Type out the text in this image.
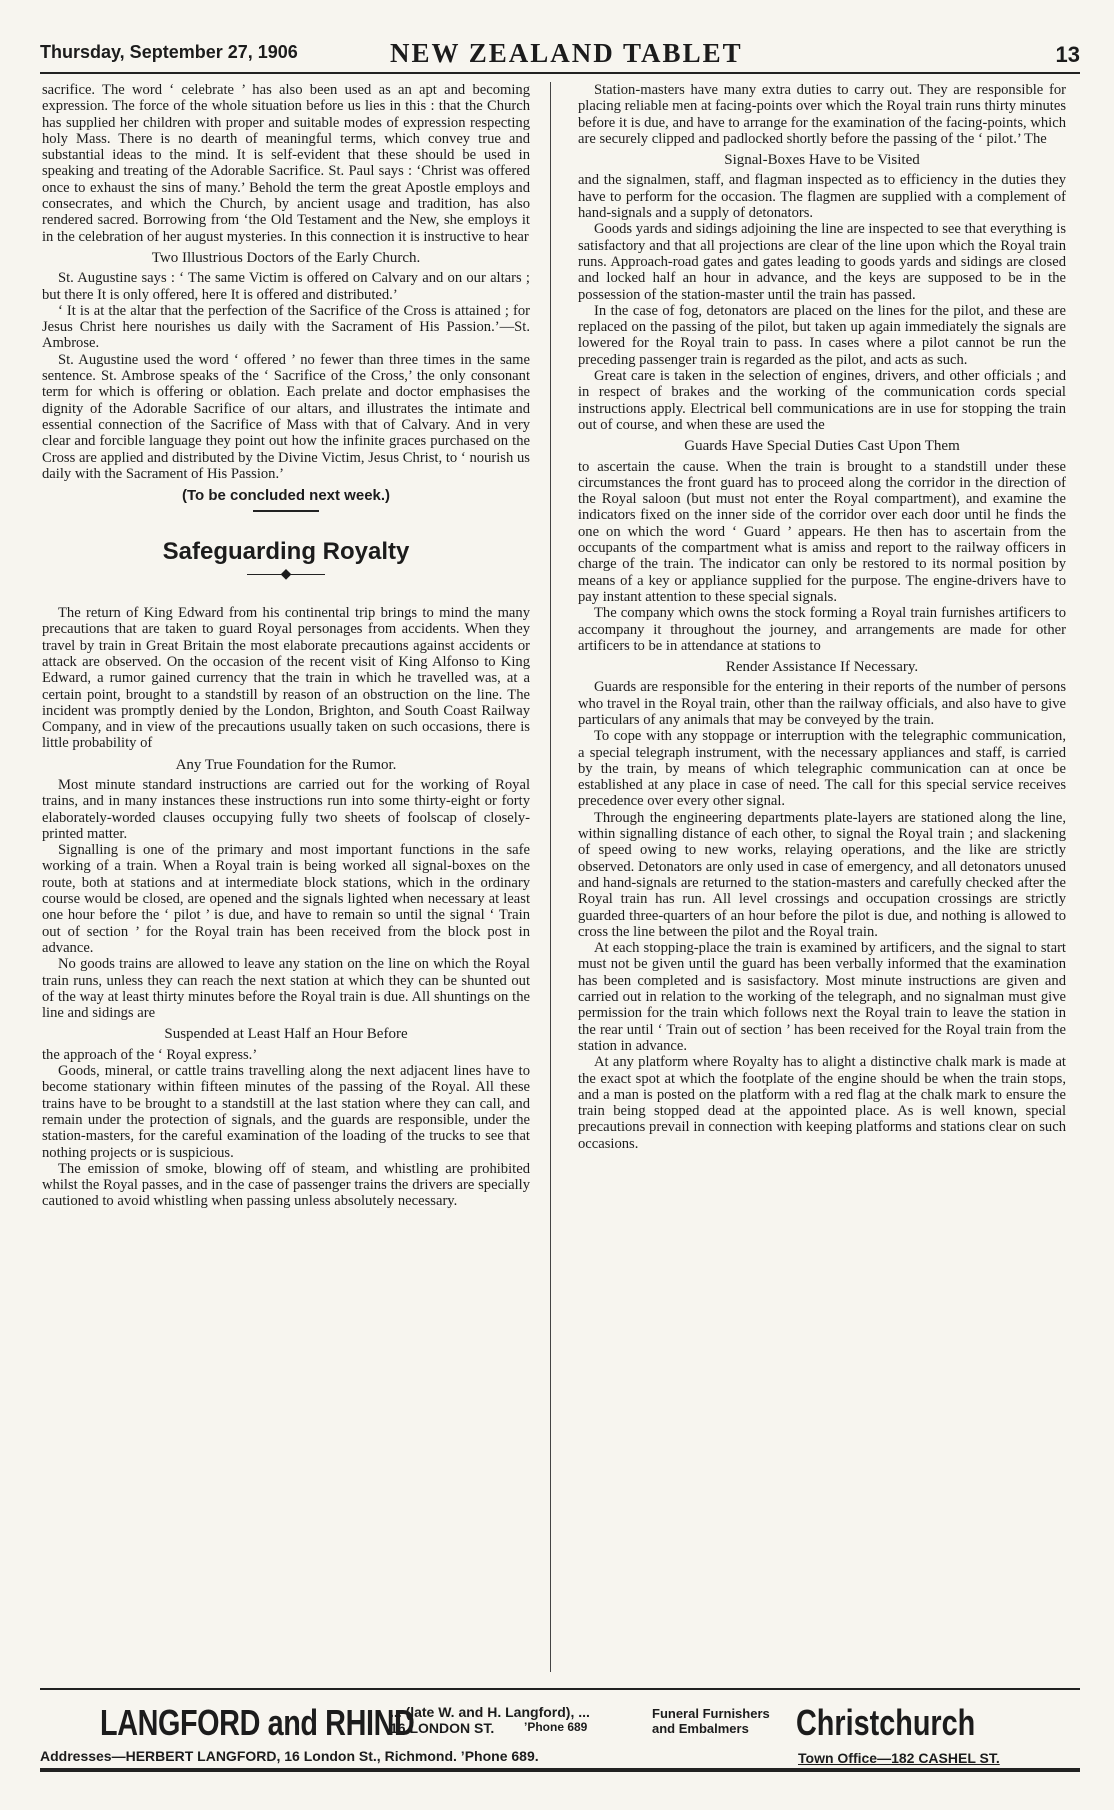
Thursday, September 27, 1906	NEW ZEALAND TABLET	13

sacrifice. The word ‘ celebrate ’ has also been used as an apt and becoming expression. The force of the whole situation before us lies in this : that the Church has supplied her children with proper and suitable modes of expression respecting holy Mass. There is no dearth of meaningful terms, which convey true and substantial ideas to the mind. It is self-evident that these should be used in speaking and treating of the Adorable Sacrifice. St. Paul says : ‘Christ was offered once to exhaust the sins of many.’ Behold the term the great Apostle employs and consecrates, and which the Church, by ancient usage and tradition, has also rendered sacred. Borrowing from ‘the Old Testament and the New, she employs it in the celebration of her august mysteries. In this connection it is instructive to hear

Two Illustrious Doctors of the Early Church.

St. Augustine says : ‘ The same Victim is offered on Calvary and on our altars ; but there It is only offered, here It is offered and distributed.’

‘ It is at the altar that the perfection of the Sacrifice of the Cross is attained ; for Jesus Christ here nourishes us daily with the Sacrament of His Passion.’—St. Ambrose.

St. Augustine used the word ‘ offered ’ no fewer than three times in the same sentence. St. Ambrose speaks of the ‘ Sacrifice of the Cross,’ the only consonant term for which is offering or oblation. Each prelate and doctor emphasises the dignity of the Adorable Sacrifice of our altars, and illustrates the intimate and essential connection of the Sacrifice of Mass with that of Calvary. And in very clear and forcible language they point out how the infinite graces purchased on the Cross are applied and distributed by the Divine Victim, Jesus Christ, to ‘ nourish us daily with the Sacrament of His Passion.’

(To be concluded next week.)
Safeguarding Royalty
◆

The return of King Edward from his continental trip brings to mind the many precautions that are taken to guard Royal personages from accidents. When they travel by train in Great Britain the most elaborate precautions against accidents or attack are observed. On the occasion of the recent visit of King Alfonso to King Edward, a rumor gained currency that the train in which he travelled was, at a certain point, brought to a standstill by reason of an obstruction on the line. The incident was promptly denied by the London, Brighton, and South Coast Railway Company, and in view of the precautions usually taken on such occasions, there is little probability of

Any True Foundation for the Rumor.

Most minute standard instructions are carried out for the working of Royal trains, and in many instances these instructions run into some thirty-eight or forty elaborately-worded clauses occupying fully two sheets of foolscap of closely-printed matter.

Signalling is one of the primary and most important functions in the safe working of a train. When a Royal train is being worked all signal-boxes on the route, both at stations and at intermediate block stations, which in the ordinary course would be closed, are opened and the signals lighted when necessary at least one hour before the ‘ pilot ’ is due, and have to remain so until the signal ‘ Train out of section ’ for the Royal train has been received from the block post in advance.

No goods trains are allowed to leave any station on the line on which the Royal train runs, unless they can reach the next station at which they can be shunted out of the way at least thirty minutes before the Royal train is due. All shuntings on the line and sidings are

Suspended at Least Half an Hour Before

the approach of the ‘ Royal express.’

Goods, mineral, or cattle trains travelling along the next adjacent lines have to become stationary within fifteen minutes of the passing of the Royal. All these trains have to be brought to a standstill at the last station where they can call, and remain under the protection of signals, and the guards are responsible, under the station-masters, for the careful examination of the loading of the trucks to see that nothing projects or is suspicious.

The emission of smoke, blowing off of steam, and whistling are prohibited whilst the Royal passes, and in the case of passenger trains the drivers are specially cautioned to avoid whistling when passing unless absolutely necessary.

Station-masters have many extra duties to carry out. They are responsible for placing reliable men at facing-points over which the Royal train runs thirty minutes before it is due, and have to arrange for the examination of the facing-points, which are securely clipped and padlocked shortly before the passing of the ‘ pilot.’ The

Signal-Boxes Have to be Visited

and the signalmen, staff, and flagman inspected as to efficiency in the duties they have to perform for the occasion. The flagmen are supplied with a complement of hand-signals and a supply of detonators.

Goods yards and sidings adjoining the line are inspected to see that everything is satisfactory and that all projections are clear of the line upon which the Royal train runs. Approach-road gates and gates leading to goods yards and sidings are closed and locked half an hour in advance, and the keys are supposed to be in the possession of the station-master until the train has passed.

In the case of fog, detonators are placed on the lines for the pilot, and these are replaced on the passing of the pilot, but taken up again immediately the signals are lowered for the Royal train to pass. In cases where a pilot cannot be run the preceding passenger train is regarded as the pilot, and acts as such.

Great care is taken in the selection of engines, drivers, and other officials ; and in respect of brakes and the working of the communication cords special instructions apply. Electrical bell communications are in use for stopping the train out of course, and when these are used the

Guards Have Special Duties Cast Upon Them

to ascertain the cause. When the train is brought to a standstill under these circumstances the front guard has to proceed along the corridor in the direction of the Royal saloon (but must not enter the Royal compartment), and examine the indicators fixed on the inner side of the corridor over each door until he finds the one on which the word ‘ Guard ’ appears. He then has to ascertain from the occupants of the compartment what is amiss and report to the railway officers in charge of the train. The indicator can only be restored to its normal position by means of a key or appliance supplied for the purpose. The engine-drivers have to pay instant attention to these special signals.

The company which owns the stock forming a Royal train furnishes artificers to accompany it throughout the journey, and arrangements are made for other artificers to be in attendance at stations to

Render Assistance If Necessary.

Guards are responsible for the entering in their reports of the number of persons who travel in the Royal train, other than the railway officials, and also have to give particulars of any animals that may be conveyed by the train.

To cope with any stoppage or interruption with the telegraphic communication, a special telegraph instrument, with the necessary appliances and staff, is carried by the train, by means of which telegraphic communication can at once be established at any place in case of need. The call for this special service receives precedence over every other signal.

Through the engineering departments plate-layers are stationed along the line, within signalling distance of each other, to signal the Royal train ; and slackening of speed owing to new works, relaying operations, and the like are strictly observed. Detonators are only used in case of emergency, and all detonators unused and hand-signals are returned to the station-masters and carefully checked after the Royal train has run. All level crossings and occupation crossings are strictly guarded three-quarters of an hour before the pilot is due, and nothing is allowed to cross the line between the pilot and the Royal train.

At each stopping-place the train is examined by artificers, and the signal to start must not be given until the guard has been verbally informed that the examination has been completed and is sasisfactory. Most minute instructions are given and carried out in relation to the working of the telegraph, and no signalman must give permission for the train which follows next the Royal train to leave the station in the rear until ‘ Train out of section ’ has been received for the Royal train from the station in advance.

At any platform where Royalty has to alight a distinctive chalk mark is made at the exact spot at which the footplate of the engine should be when the train stops, and a man is posted on the platform with a red flag at the chalk mark to ensure the train being stopped dead at the appointed place. As is well known, special precautions prevail in connection with keeping platforms and stations clear on such occasions.

LANGFORD and RHIND
... (late W. and H. Langford), ...
16 LONDON ST.	’Phone 689
Funeral Furnishers
and Embalmers	Christchurch
Addresses—HERBERT LANGFORD, 16 London St., Richmond. ’Phone 689.	Town Office—182 CASHEL ST.
